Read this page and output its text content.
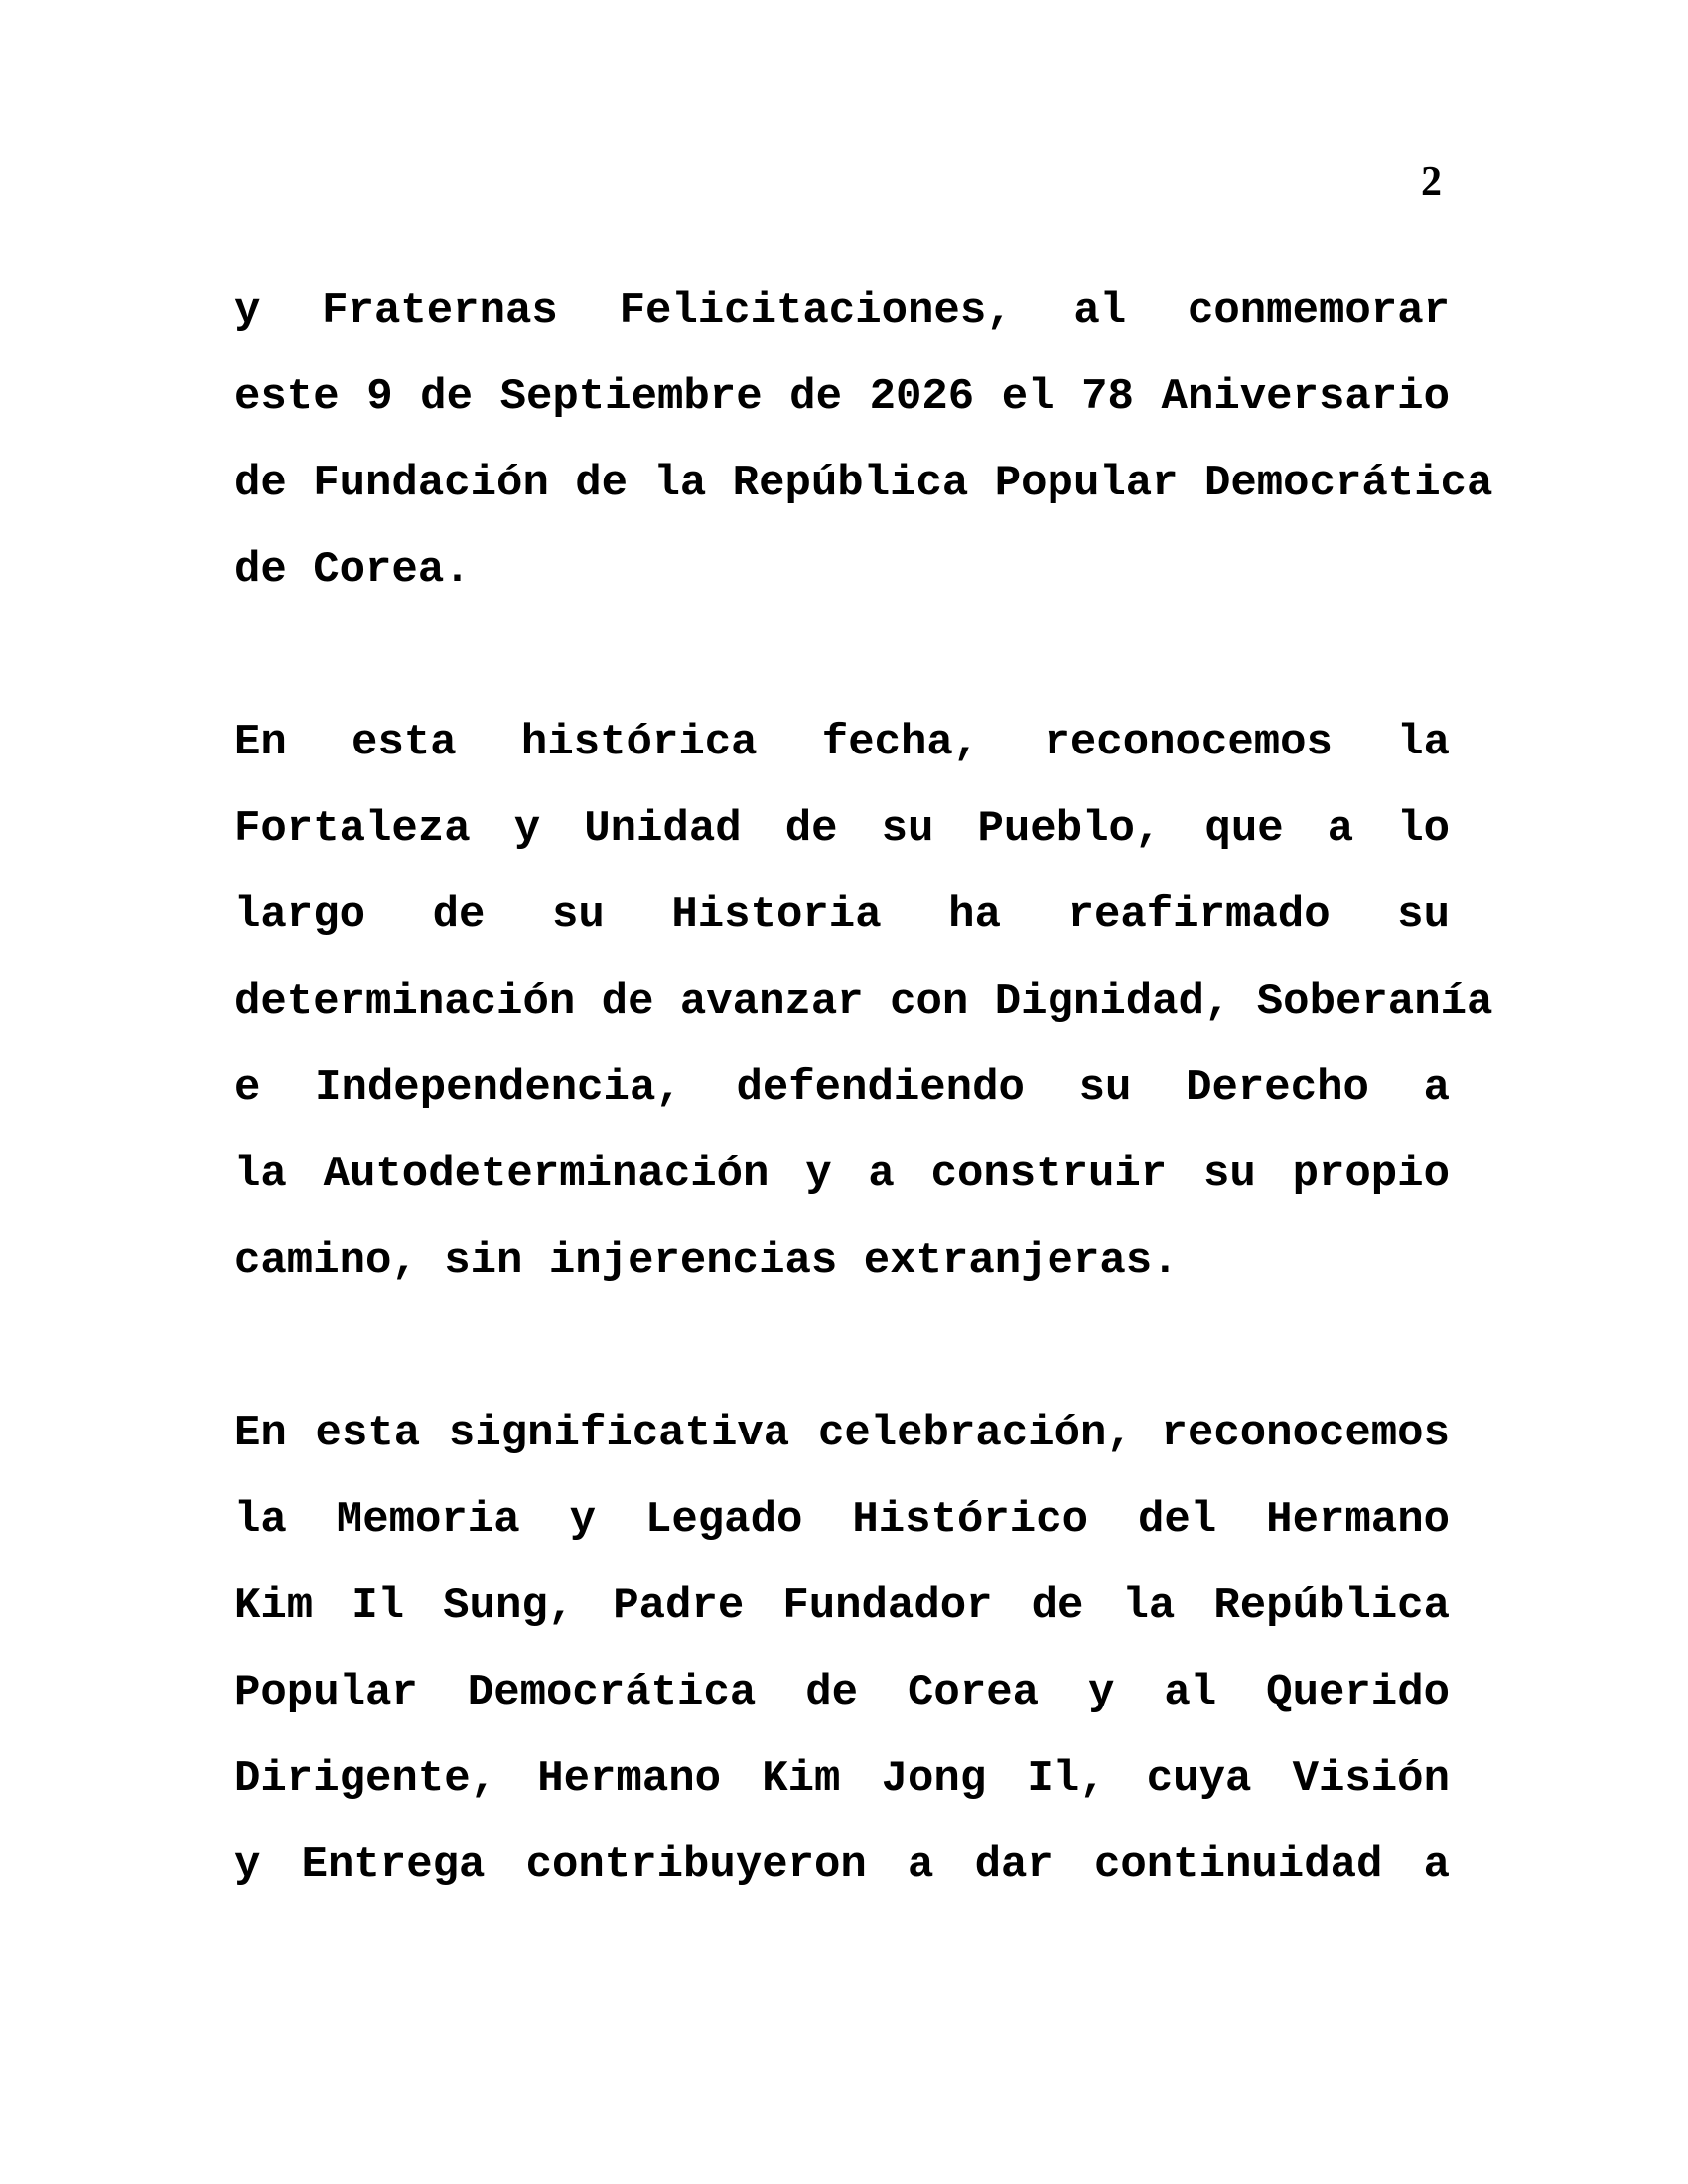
2
y Fraternas Felicitaciones, al conmemorar
este 9 de Septiembre de 2026 el 78 Aniversario
de Fundación de la República Popular Democrática
de Corea.
En esta histórica fecha, reconocemos la
Fortaleza y Unidad de su Pueblo, que a lo
largo de su Historia ha reafirmado su
determinación de avanzar con Dignidad, Soberanía
e Independencia, defendiendo su Derecho a
la Autodeterminación y a construir su propio
camino, sin injerencias extranjeras.
En esta significativa celebración, reconocemos
la Memoria y Legado Histórico del Hermano
Kim Il Sung, Padre Fundador de la República
Popular Democrática de Corea y al Querido
Dirigente, Hermano Kim Jong Il, cuya Visión
y Entrega contribuyeron a dar continuidad a
